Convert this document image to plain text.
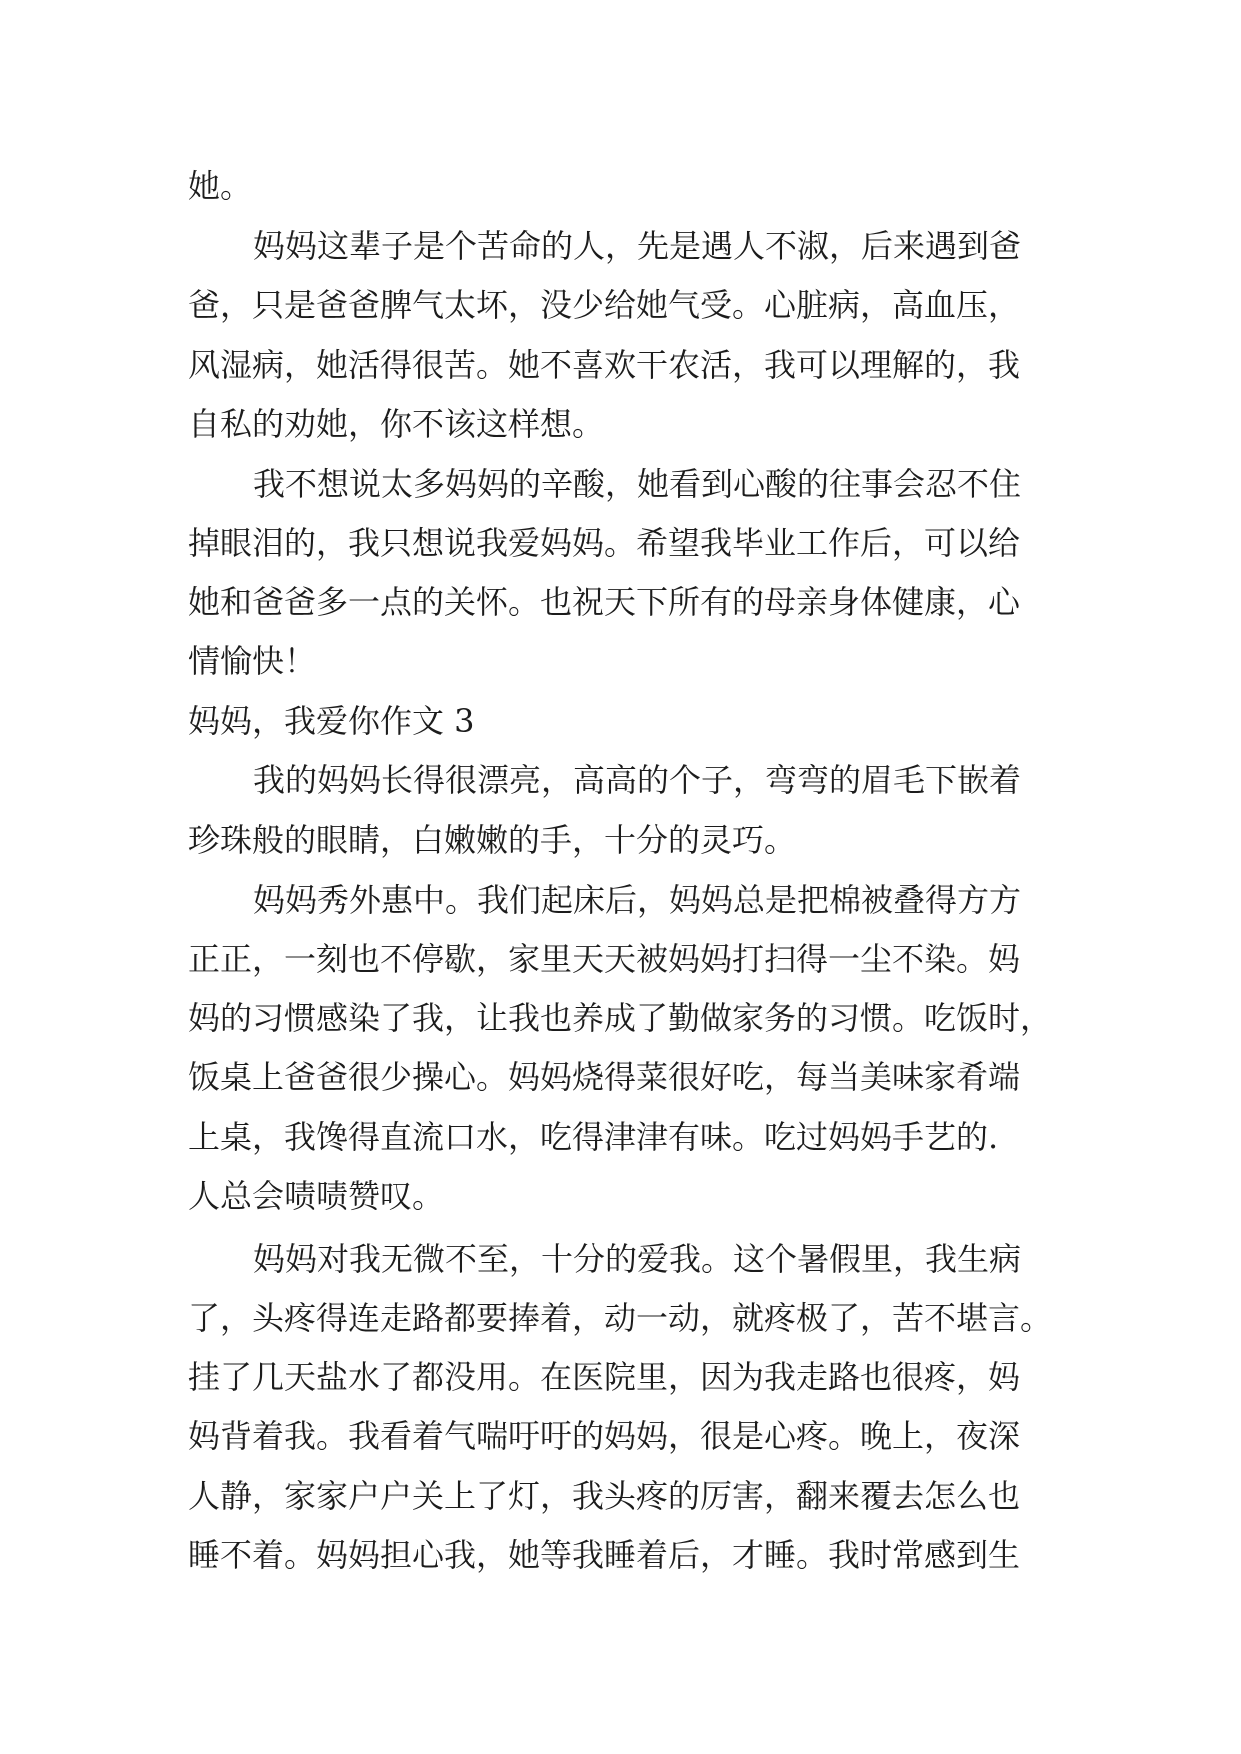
她。
妈妈这辈子是个苦命的人，先是遇人不淑，后来遇到爸
爸，只是爸爸脾气太坏，没少给她气受。心脏病，高血压，
风湿病，她活得很苦。她不喜欢干农活，我可以理解的，我
自私的劝她，你不该这样想。
我不想说太多妈妈的辛酸，她看到心酸的往事会忍不住
掉眼泪的，我只想说我爱妈妈。希望我毕业工作后，可以给
她和爸爸多一点的关怀。也祝天下所有的母亲身体健康，心
情愉快！
妈妈，我爱你作文 3
我的妈妈长得很漂亮，高高的个子，弯弯的眉毛下嵌着
珍珠般的眼睛，白嫩嫩的手，十分的灵巧。
妈妈秀外惠中。我们起床后，妈妈总是把棉被叠得方方
正正，一刻也不停歇，家里天天被妈妈打扫得一尘不染。妈
妈的习惯感染了我，让我也养成了勤做家务的习惯。吃饭时，
饭桌上爸爸很少操心。妈妈烧得菜很好吃，每当美味家肴端
上桌，我馋得直流口水，吃得津津有味。吃过妈妈手艺的.
人总会啧啧赞叹。
妈妈对我无微不至，十分的爱我。这个暑假里，我生病
了，头疼得连走路都要捧着，动一动，就疼极了，苦不堪言。
挂了几天盐水了都没用。在医院里，因为我走路也很疼，妈
妈背着我。我看着气喘吁吁的妈妈，很是心疼。晚上，夜深
人静，家家户户关上了灯，我头疼的厉害，翻来覆去怎么也
睡不着。妈妈担心我，她等我睡着后，才睡。我时常感到生
